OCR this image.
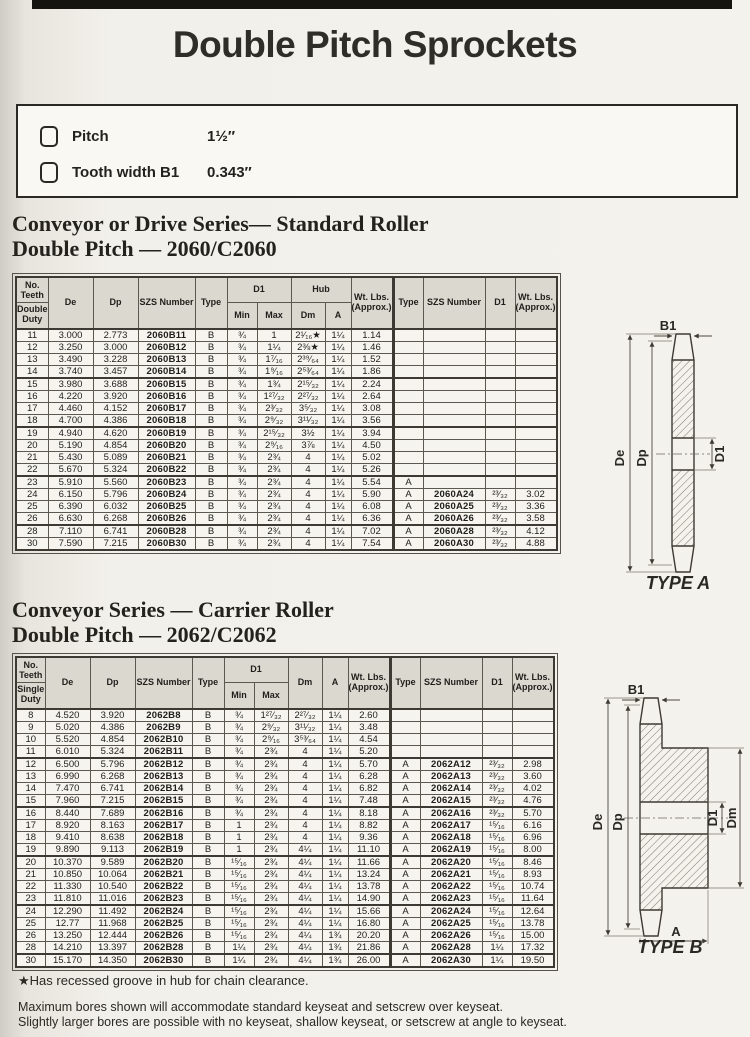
Double Pitch Sprockets
Pitch	1½″
Tooth width B1	0.343″
Conveyor or Drive Series— Standard Roller
Double Pitch — 2060/C2060
No. Teeth
Double Duty	De	Dp	SZS Number	Type	D1		Hub		Wt. Lbs. (Approx.)	Type	SZS Number	D1	Wt. Lbs. (Approx.)
					Min	Max	Dm	A					
11	3.000	2.773	2060B11	B	¾	1	2¹⁄₁₆★	1¼	1.14				
12	3.250	3.000	2060B12	B	¾	1¼	2⅜★	1¼	1.46				
13	3.490	3.228	2060B13	B	¾	1⁷⁄₁₆	2³⁹⁄₆₄	1¼	1.52				
14	3.740	3.457	2060B14	B	¾	1⁹⁄₁₆	2⁵³⁄₆₄	1¼	1.86				
15	3.980	3.688	2060B15	B	¾	1¾	2¹⁵⁄₃₂	1¼	2.24				
16	4.220	3.920	2060B16	B	¾	1²⁷⁄₃₂	2²⁷⁄₃₂	1¼	2.64				
17	4.460	4.152	2060B17	B	¾	2³⁄₃₂	3⁵⁄₃₂	1¼	3.08				
18	4.700	4.386	2060B18	B	¾	2⁹⁄₃₂	3¹¹⁄₃₂	1¼	3.56				
19	4.940	4.620	2060B19	B	¾	2¹⁵⁄₃₂	3½	1¼	3.94				
20	5.190	4.854	2060B20	B	¾	2⁹⁄₁₆	3⅞	1¼	4.50				
21	5.430	5.089	2060B21	B	¾	2¾	4	1¼	5.02				
22	5.670	5.324	2060B22	B	¾	2¾	4	1¼	5.26				
23	5.910	5.560	2060B23	B	¾	2¾	4	1¼	5.54	A			
24	6.150	5.796	2060B24	B	¾	2¾	4	1¼	5.90	A	2060A24	²³⁄₃₂	3.02
25	6.390	6.032	2060B25	B	¾	2¾	4	1¼	6.08	A	2060A25	²³⁄₃₂	3.36
26	6.630	6.268	2060B26	B	¾	2¾	4	1¼	6.36	A	2060A26	²³⁄₃₂	3.58
28	7.110	6.741	2060B28	B	¾	2¾	4	1¼	7.02	A	2060A28	²³⁄₃₂	4.12
30	7.590	7.215	2060B30	B	¾	2¾	4	1¼	7.54	A	2060A30	²³⁄₃₂	4.88
B1
De Dp	D1
TYPE A
Conveyor Series — Carrier Roller
Double Pitch — 2062/C2062
No. Teeth
Single Duty	De	Dp	SZS Number	Type	D1		Dm	A	Wt. Lbs. (Approx.)	Type	SZS Number	D1	Wt. Lbs. (Approx.)
					Min	Max							
8	4.520	3.920	2062B8	B	¾	1²⁷⁄₃₂	2²⁷⁄₃₂	1¼	2.60				
9	5.020	4.386	2062B9	B	¾	2⁹⁄₃₂	3¹¹⁄₃₂	1¼	3.48				
10	5.520	4.854	2062B10	B	¾	2⁹⁄₁₆	3⁵³⁄₆₄	1¼	4.54				
11	6.010	5.324	2062B11	B	¾	2¾	4	1¼	5.20				
12	6.500	5.796	2062B12	B	¾	2¾	4	1¼	5.70	A	2062A12	²³⁄₃₂	2.98
13	6.990	6.268	2062B13	B	¾	2¾	4	1¼	6.28	A	2062A13	²³⁄₃₂	3.60
14	7.470	6.741	2062B14	B	¾	2¾	4	1¼	6.82	A	2062A14	²³⁄₃₂	4.02
15	7.960	7.215	2062B15	B	¾	2¾	4	1¼	7.48	A	2062A15	²³⁄₃₂	4.76
16	8.440	7.689	2062B16	B	¾	2¾	4	1¼	8.18	A	2062A16	²³⁄₃₂	5.70
17	8.920	8.163	2062B17	B	1	2¾	4	1¼	8.82	A	2062A17	¹⁵⁄₁₆	6.16
18	9.410	8.638	2062B18	B	1	2¾	4	1¼	9.36	A	2062A18	¹⁵⁄₁₆	6.96
19	9.890	9.113	2062B19	B	1	2¾	4¼	1¼	11.10	A	2062A19	¹⁵⁄₁₆	8.00
20	10.370	9.589	2062B20	B	¹⁵⁄₁₆	2¾	4¼	1¼	11.66	A	2062A20	¹⁵⁄₁₆	8.46
21	10.850	10.064	2062B21	B	¹⁵⁄₁₆	2¾	4¼	1¼	13.24	A	2062A21	¹⁵⁄₁₆	8.93
22	11.330	10.540	2062B22	B	¹⁵⁄₁₆	2¾	4¼	1¼	13.78	A	2062A22	¹⁵⁄₁₆	10.74
23	11.810	11.016	2062B23	B	¹⁵⁄₁₆	2¾	4¼	1¼	14.90	A	2062A23	¹⁵⁄₁₆	11.64
24	12.290	11.492	2062B24	B	¹⁵⁄₁₆	2¾	4¼	1¼	15.66	A	2062A24	¹⁵⁄₁₆	12.64
25	12.77	11.968	2062B25	B	¹⁵⁄₁₆	2¾	4¼	1¼	16.80	A	2062A25	¹⁵⁄₁₆	13.78
26	13.250	12.444	2062B26	B	¹⁵⁄₁₆	2¾	4¼	1¾	20.20	A	2062A26	¹⁵⁄₁₆	15.00
28	14.210	13.397	2062B28	B	1¼	2¾	4¼	1¾	21.86	A	2062A28	1¼	17.32
30	15.170	14.350	2062B30	B	1¼	2¾	4¼	1¾	26.00	A	2062A30	1¼	19.50
B1
De Dp	D1 Dm
A
TYPE B
★Has recessed groove in hub for chain clearance.
Maximum bores shown will accommodate standard keyseat and setscrew over keyseat.
Slightly larger bores are possible with no keyseat, shallow keyseat, or setscrew at angle to keyseat.
